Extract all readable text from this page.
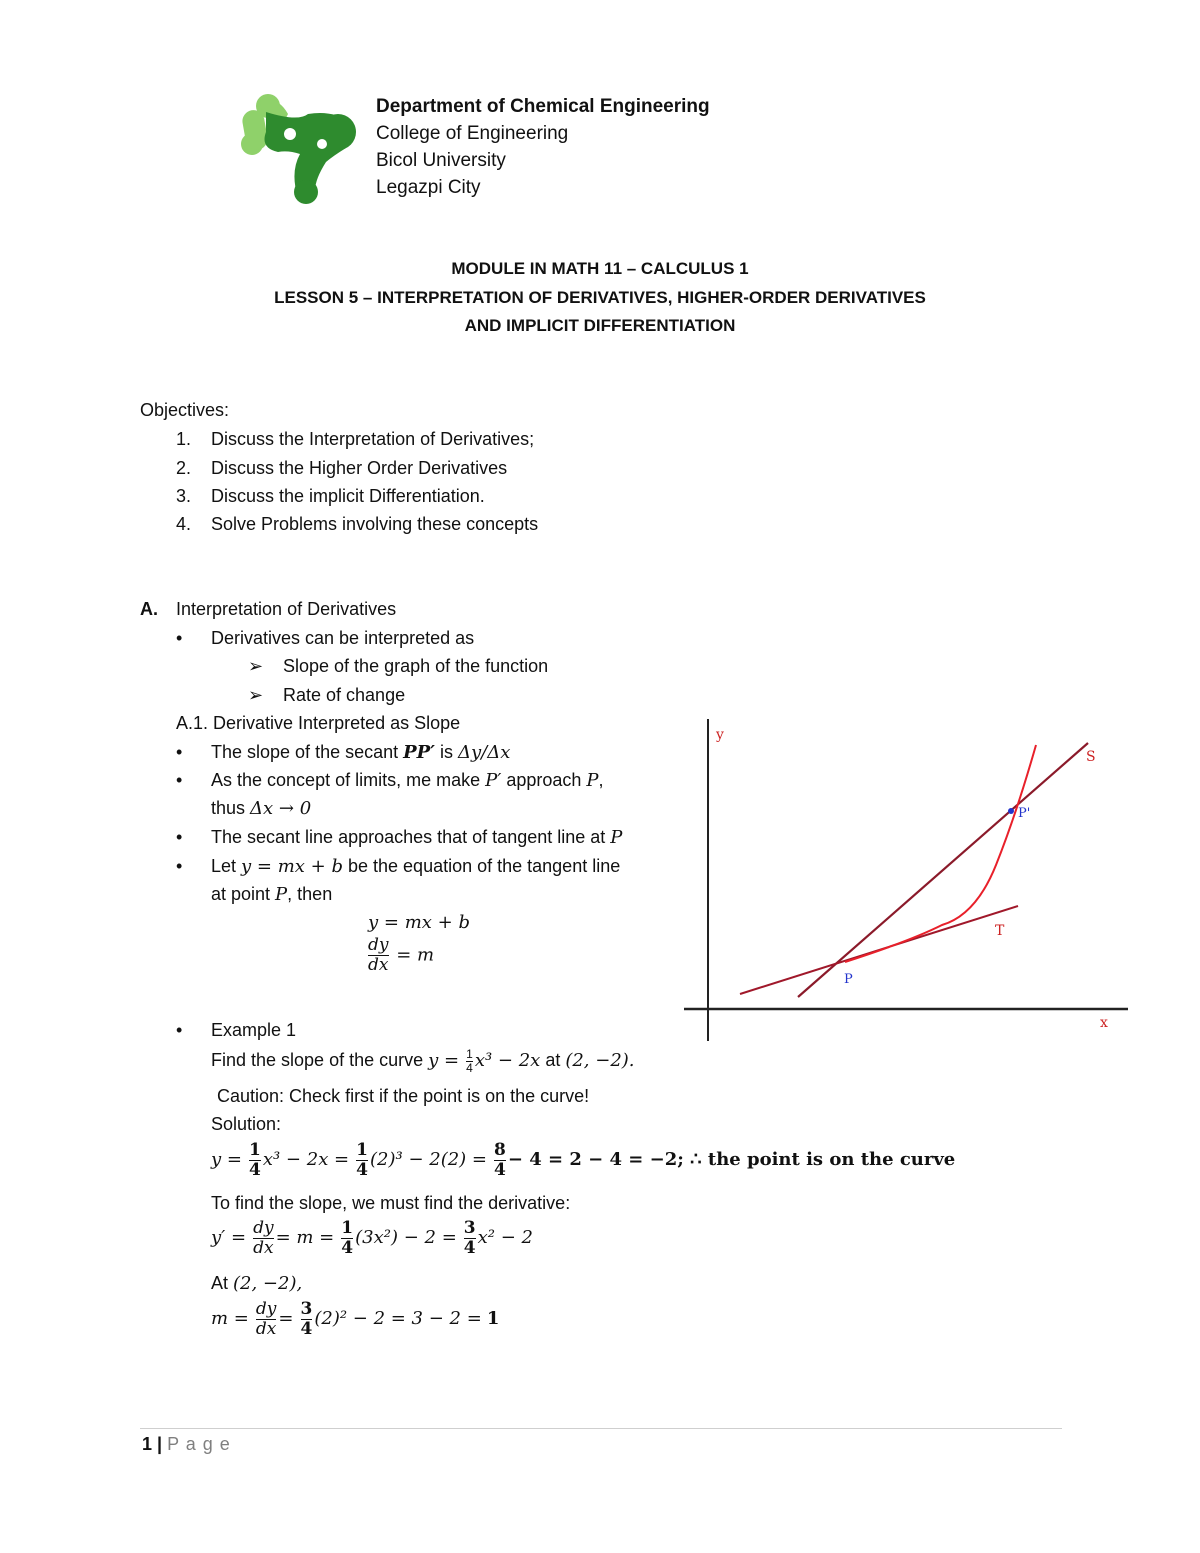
Department of Chemical Engineering
College of Engineering
Bicol University
Legazpi City
MODULE IN MATH 11 – CALCULUS 1
LESSON 5 – INTERPRETATION OF DERIVATIVES, HIGHER-ORDER DERIVATIVES
AND IMPLICIT DIFFERENTIATION
Objectives:
1. Discuss the Interpretation of Derivatives;
2. Discuss the Higher Order Derivatives
3. Discuss the implicit Differentiation.
4. Solve Problems involving these concepts
A. Interpretation of Derivatives
• Derivatives can be interpreted as
➢ Slope of the graph of the function
➢ Rate of change
A.1. Derivative Interpreted as Slope
• The slope of the secant PP′ is Δy/Δx
• As the concept of limits, me make P′ approach P,
thus Δx → 0
• The secant line approaches that of tangent line at P
• Let y = mx + b be the equation of the tangent line
at point P, then
y = mx + b
$\frac{dy}{dx} = m$
y
x
S
T
P
P'
• Example 1
Find the slope of the curve $y = \frac{1}{4} x^3 - 2x$ at (2, −2).
Caution: Check first if the point is on the curve!
Solution:
$y = \frac{1}{4} x^3 - 2x = \frac{1}{4} (2)^3 - 2(2) = \frac{8}{4} - 4 = 2 - 4 = -2$; ∴ the point is on the curve
To find the slope, we must find the derivative:
$y' = \frac{dy}{dx} = m = \frac{1}{4} (3x^2) - 2 = \frac{3}{4} x^2 - 2$
At (2, −2),
$m = \frac{dy}{dx} = \frac{3}{4} (2)^2 - 2 = 3 - 2 = 1$
1 | P a g e
